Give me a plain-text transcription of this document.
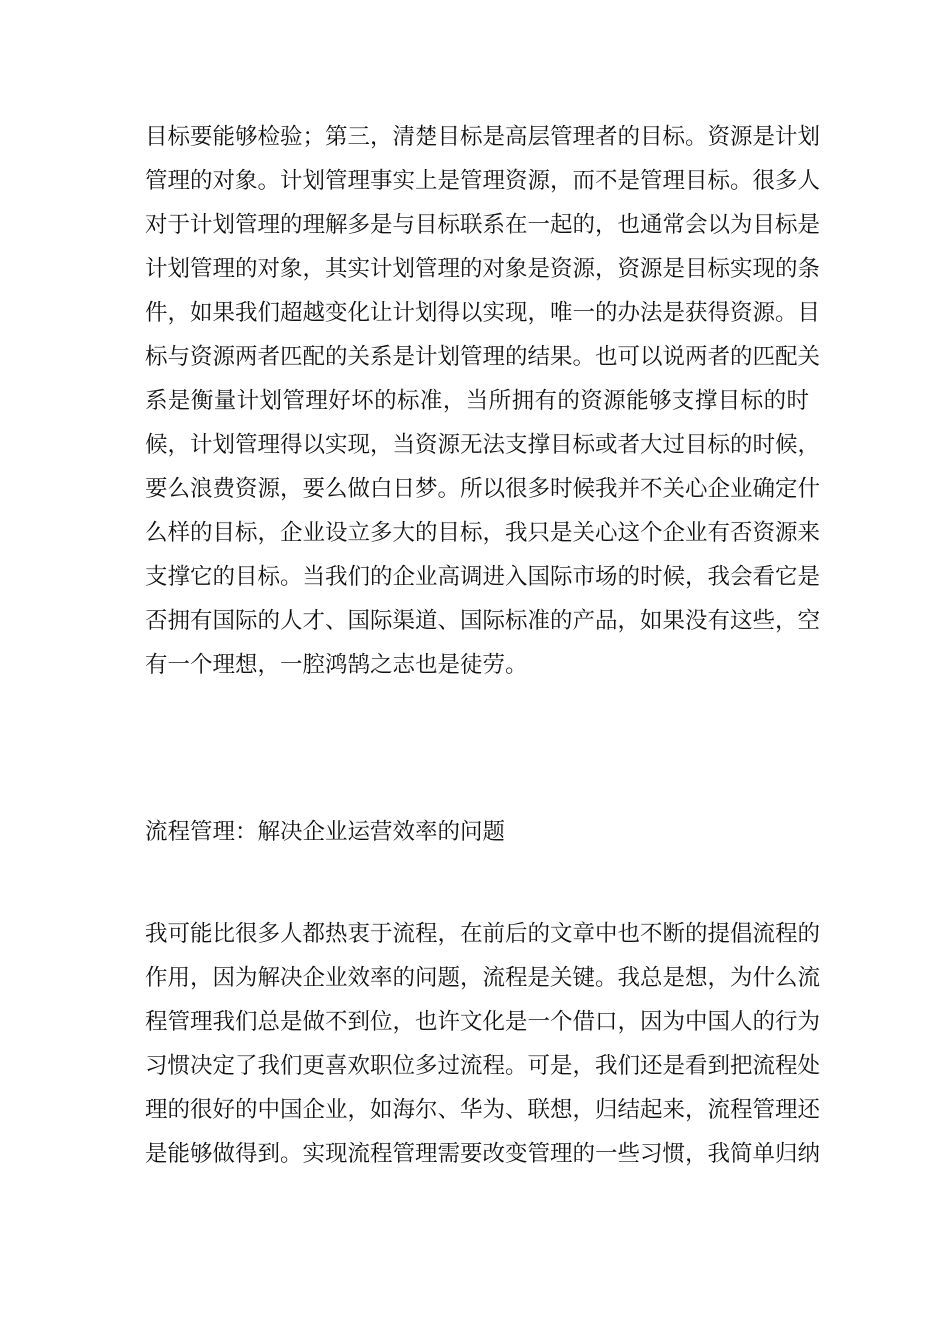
目标要能够检验；第三，清楚目标是高层管理者的目标。资源是计划
管理的对象。计划管理事实上是管理资源，而不是管理目标。很多人
对于计划管理的理解多是与目标联系在一起的，也通常会以为目标是
计划管理的对象，其实计划管理的对象是资源，资源是目标实现的条
件，如果我们超越变化让计划得以实现，唯一的办法是获得资源。目
标与资源两者匹配的关系是计划管理的结果。也可以说两者的匹配关
系是衡量计划管理好坏的标准，当所拥有的资源能够支撑目标的时
候，计划管理得以实现，当资源无法支撑目标或者大过目标的时候，
要么浪费资源，要么做白日梦。所以很多时候我并不关心企业确定什
么样的目标，企业设立多大的目标，我只是关心这个企业有否资源来
支撑它的目标。当我们的企业高调进入国际市场的时候，我会看它是
否拥有国际的人才、国际渠道、国际标准的产品，如果没有这些，空
有一个理想，一腔鸿鹄之志也是徒劳。
流程管理：解决企业运营效率的问题
我可能比很多人都热衷于流程，在前后的文章中也不断的提倡流程的
作用，因为解决企业效率的问题，流程是关键。我总是想，为什么流
程管理我们总是做不到位，也许文化是一个借口，因为中国人的行为
习惯决定了我们更喜欢职位多过流程。可是，我们还是看到把流程处
理的很好的中国企业，如海尔、华为、联想，归结起来，流程管理还
是能够做得到。实现流程管理需要改变管理的一些习惯，我简单归纳
